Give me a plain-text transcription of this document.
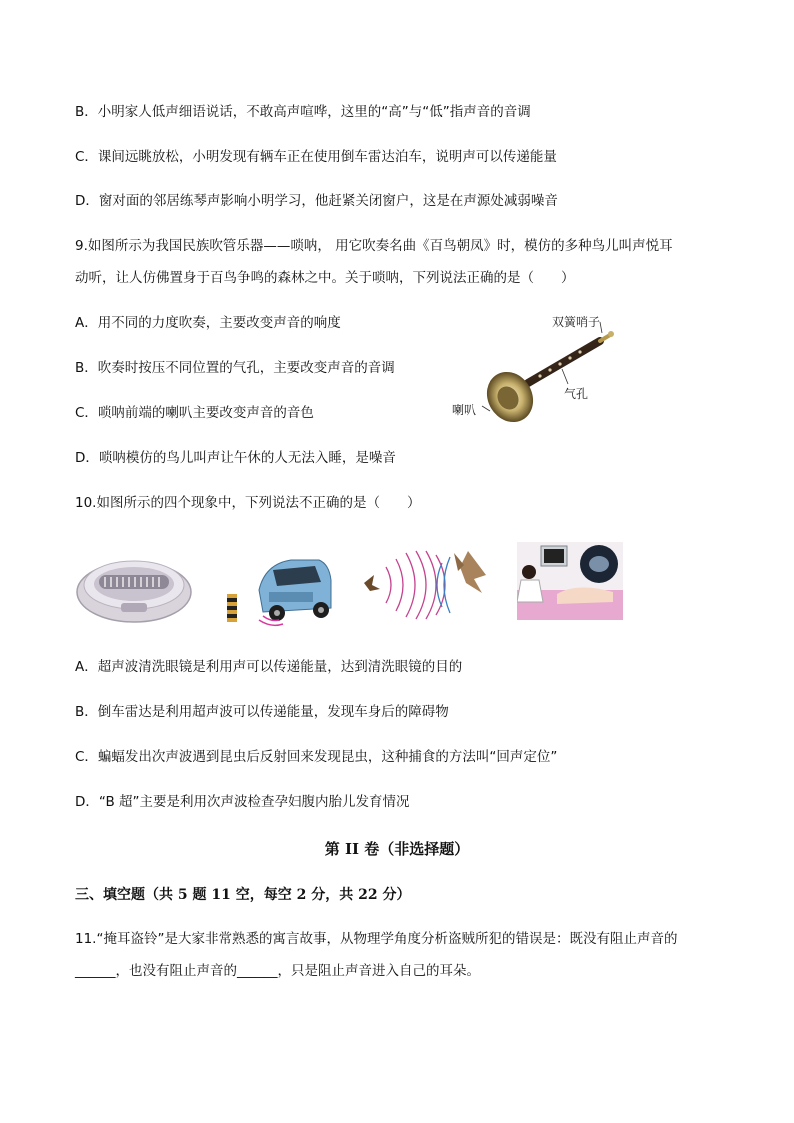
B．小明家人低声细语说话，不敢高声喧哗，这里的“高”与“低”指声音的音调
C．课间远眺放松，小明发现有辆车正在使用倒车雷达泊车，说明声可以传递能量
D．窗对面的邻居练琴声影响小明学习，他赶紧关闭窗户，这是在声源处减弱噪音
9.如图所示为我国民族吹管乐器——唢呐， 用它吹奏名曲《百鸟朝凤》时，模仿的多种鸟儿叫声悦耳
动听，让人仿佛置身于百鸟争鸣的森林之中。关于唢呐，下列说法正确的是（　　）
A．用不同的力度吹奏，主要改变声音的响度
B．吹奏时按压不同位置的气孔，主要改变声音的音调
C．唢呐前端的喇叭主要改变声音的音色
D．唢呐模仿的鸟儿叫声让午休的人无法入睡，是噪音
双簧哨子
气孔
喇叭
10.如图所示的四个现象中，下列说法不正确的是（　　）
A．超声波清洗眼镜是利用声可以传递能量，达到清洗眼镜的目的
B．倒车雷达是利用超声波可以传递能量，发现车身后的障碍物
C．蝙蝠发出次声波遇到昆虫后反射回来发现昆虫，这种捕食的方法叫“回声定位”
D．“B 超”主要是利用次声波检查孕妇腹内胎儿发育情况
第 II 卷（非选择题）
三、填空题（共 5 题 11 空，每空 2 分，共 22 分）
11.“掩耳盗铃”是大家非常熟悉的寓言故事，从物理学角度分析盗贼所犯的错误是：既没有阻止声音的
______，也没有阻止声音的______，只是阻止声音进入自己的耳朵。
